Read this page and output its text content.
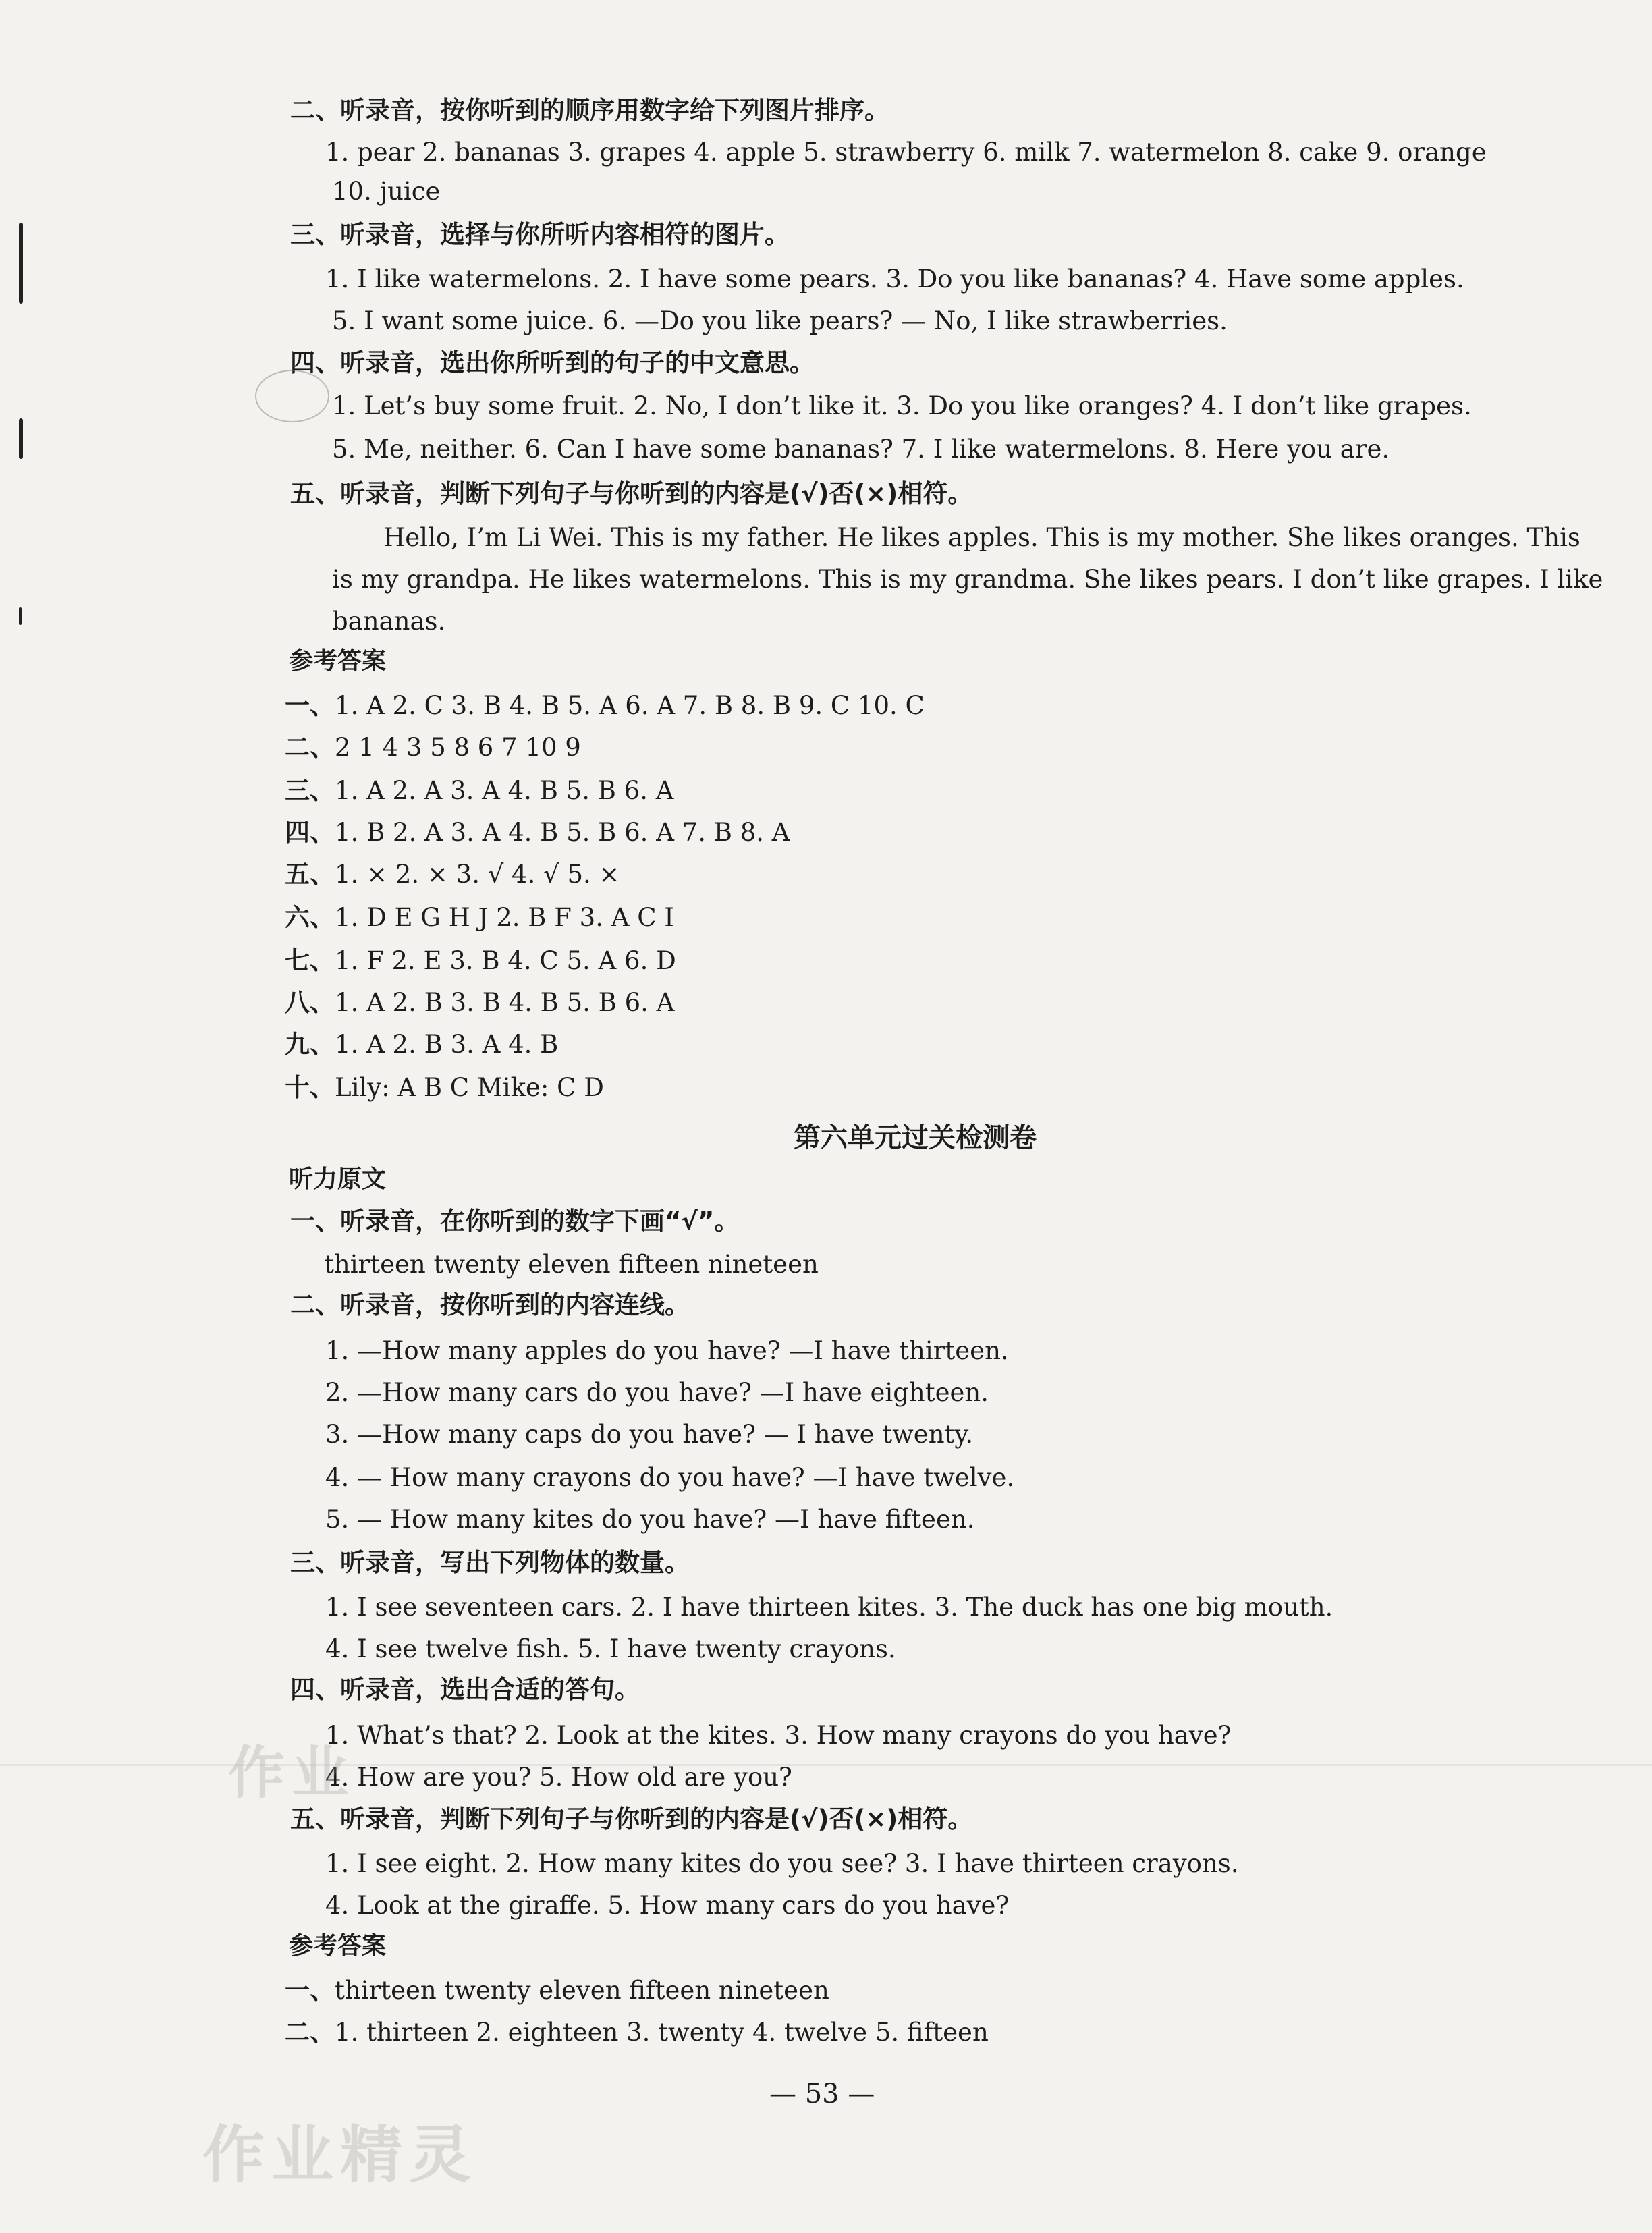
二、听录音，按你听到的顺序用数字给下列图片排序。
1. pear 2. bananas 3. grapes 4. apple 5. strawberry 6. milk 7. watermelon 8. cake 9. orange
10. juice
三、听录音，选择与你所听内容相符的图片。
1. I like watermelons. 2. I have some pears. 3. Do you like bananas? 4. Have some apples.
5. I want some juice. 6. —Do you like pears? — No, I like strawberries.
四、听录音，选出你所听到的句子的中文意思。
1. Let’s buy some fruit. 2. No, I don’t like it. 3. Do you like oranges? 4. I don’t like grapes.
5. Me, neither. 6. Can I have some bananas? 7. I like watermelons. 8. Here you are.
五、听录音，判断下列句子与你听到的内容是(√)否(×)相符。
Hello, I’m Li Wei. This is my father. He likes apples. This is my mother. She likes oranges. This is my grandpa. He likes watermelons. This is my grandma. She likes pears. I don’t like grapes. I like bananas.
参考答案
一、1. A 2. C 3. B 4. B 5. A 6. A 7. B 8. B 9. C 10. C
二、2 1 4 3 5 8 6 7 10 9
三、1. A 2. A 3. A 4. B 5. B 6. A
四、1. B 2. A 3. A 4. B 5. B 6. A 7. B 8. A
五、1. × 2. × 3. √ 4. √ 5. ×
六、1. D E G H J 2. B F 3. A C I
七、1. F 2. E 3. B 4. C 5. A 6. D
八、1. A 2. B 3. B 4. B 5. B 6. A
九、1. A 2. B 3. A 4. B
十、Lily: A B C Mike: C D
第六单元过关检测卷
听力原文
一、听录音，在你听到的数字下画“√”。
thirteen twenty eleven fifteen nineteen
二、听录音，按你听到的内容连线。
1. —How many apples do you have? —I have thirteen.
2. —How many cars do you have? —I have eighteen.
3. —How many caps do you have? — I have twenty.
4. — How many crayons do you have? —I have twelve.
5. — How many kites do you have? —I have fifteen.
三、听录音，写出下列物体的数量。
1. I see seventeen cars. 2. I have thirteen kites. 3. The duck has one big mouth.
4. I see twelve fish. 5. I have twenty crayons.
四、听录音，选出合适的答句。
1. What’s that? 2. Look at the kites. 3. How many crayons do you have?
4. How are you? 5. How old are you?
作业
五、听录音，判断下列句子与你听到的内容是(√)否(×)相符。
1. I see eight. 2. How many kites do you see? 3. I have thirteen crayons.
4. Look at the giraffe. 5. How many cars do you have?
参考答案
一、thirteen twenty eleven fifteen nineteen
二、1. thirteen 2. eighteen 3. twenty 4. twelve 5. fifteen
— 53 —
作业精灵
